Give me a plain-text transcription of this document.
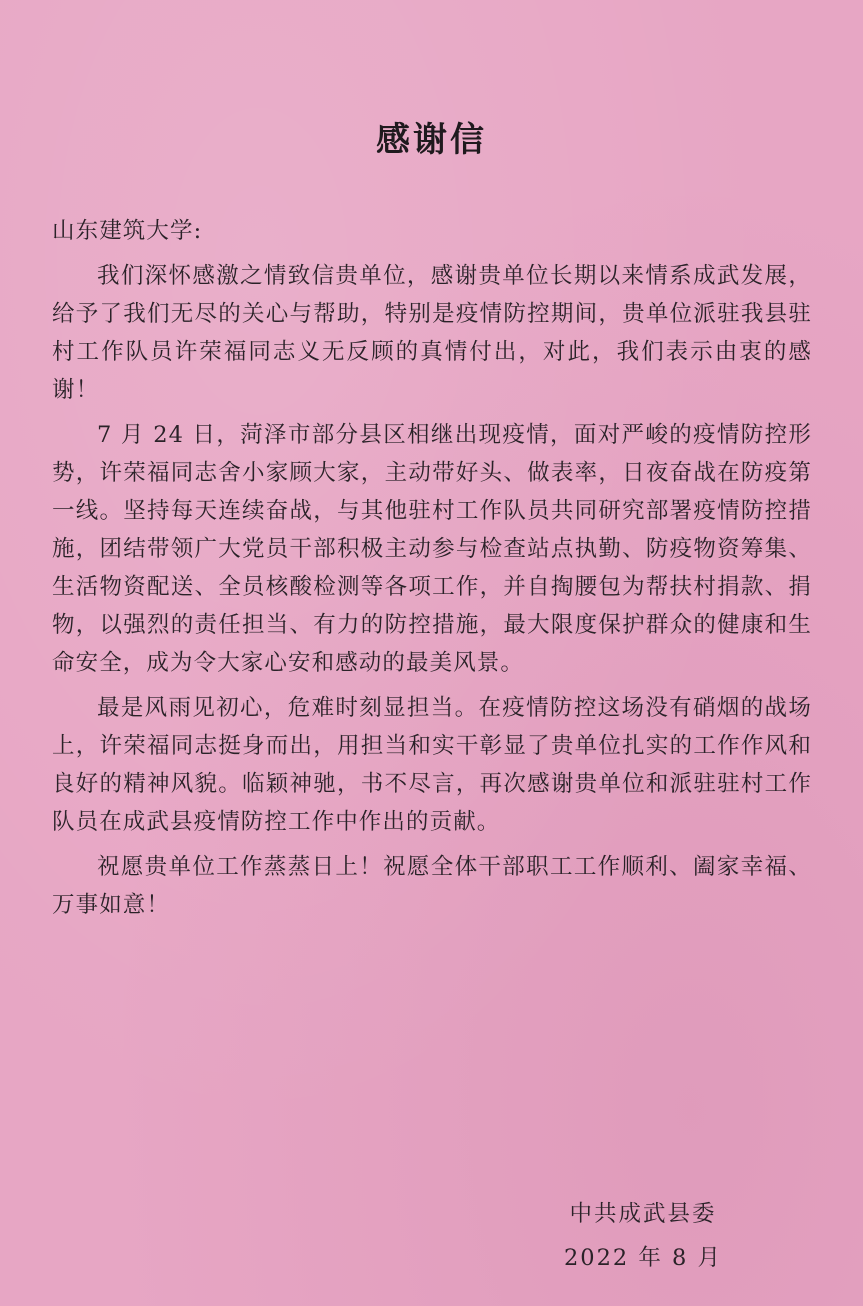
感谢信

山东建筑大学:

我们深怀感激之情致信贵单位，感谢贵单位长期以来情系成武发展，给予了我们无尽的关心与帮助，特别是疫情防控期间，贵单位派驻我县驻村工作队员许荣福同志义无反顾的真情付出，对此，我们表示由衷的感谢！

7 月 24 日，菏泽市部分县区相继出现疫情，面对严峻的疫情防控形势，许荣福同志舍小家顾大家，主动带好头、做表率，日夜奋战在防疫第一线。坚持每天连续奋战，与其他驻村工作队员共同研究部署疫情防控措施，团结带领广大党员干部积极主动参与检查站点执勤、防疫物资筹集、生活物资配送、全员核酸检测等各项工作，并自掏腰包为帮扶村捐款、捐物，以强烈的责任担当、有力的防控措施，最大限度保护群众的健康和生命安全，成为令大家心安和感动的最美风景。

最是风雨见初心，危难时刻显担当。在疫情防控这场没有硝烟的战场上，许荣福同志挺身而出，用担当和实干彰显了贵单位扎实的工作作风和良好的精神风貌。临颖神驰，书不尽言，再次感谢贵单位和派驻驻村工作队员在成武县疫情防控工作中作出的贡献。

祝愿贵单位工作蒸蒸日上！祝愿全体干部职工工作顺利、阖家幸福、万事如意！

中共成武县委
2022 年 8 月
